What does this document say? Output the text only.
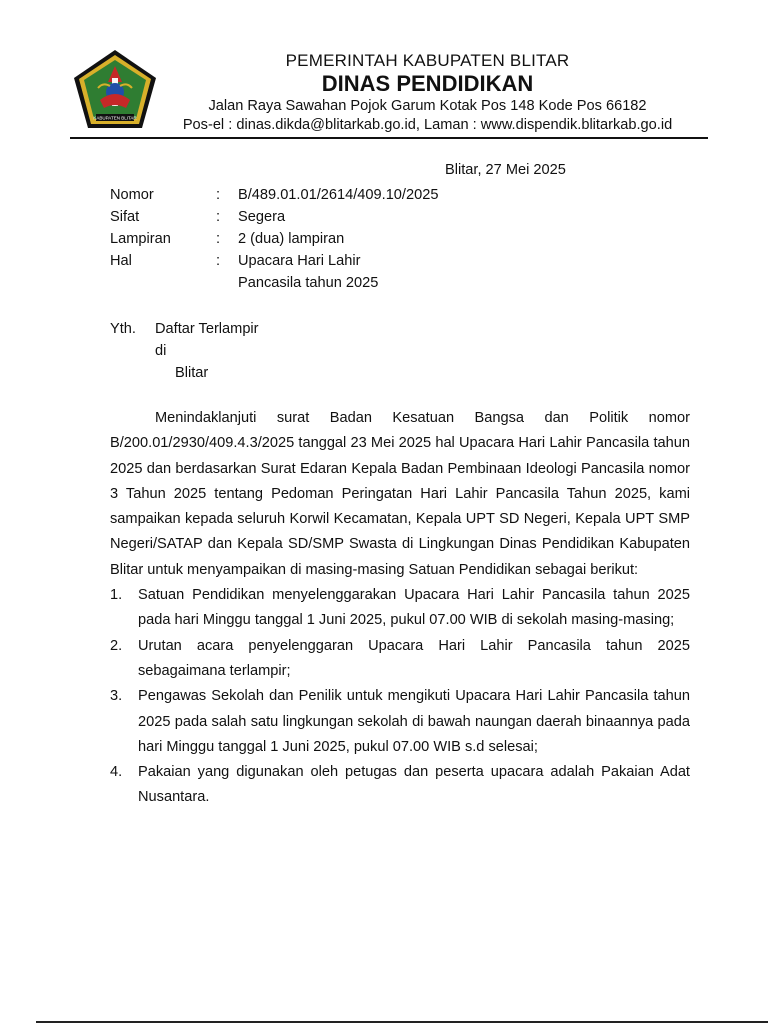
KABUPATEN BLITAR
PEMERINTAH KABUPATEN BLITAR
DINAS PENDIDIKAN
Jalan Raya Sawahan Pojok Garum Kotak Pos 148 Kode Pos 66182
Pos-el : dinas.dikda@blitarkab.go.id, Laman : www.dispendik.blitarkab.go.id
Blitar, 27 Mei 2025
Nomor	: B/489.01.01/2614/409.10/2025
Sifat	: Segera
Lampiran	: 2 (dua) lampiran
Hal	: Upacara Hari Lahir
Pancasila tahun 2025
Yth. Daftar Terlampir
di
Blitar

Menindaklanjuti surat Badan Kesatuan Bangsa dan Politik nomor B/200.01/2930/409.4.3/2025 tanggal 23 Mei 2025 hal Upacara Hari Lahir Pancasila tahun 2025 dan berdasarkan Surat Edaran Kepala Badan Pembinaan Ideologi Pancasila nomor 3 Tahun 2025 tentang Pedoman Peringatan Hari Lahir Pancasila Tahun 2025, kami sampaikan kepada seluruh Korwil Kecamatan, Kepala UPT SD Negeri, Kepala UPT SMP Negeri/SATAP dan Kepala SD/SMP Swasta di Lingkungan Dinas Pendidikan Kabupaten Blitar untuk menyampaikan di masing-masing Satuan Pendidikan sebagai berikut:

1. Satuan Pendidikan menyelenggarakan Upacara Hari Lahir Pancasila tahun 2025 pada hari Minggu tanggal 1 Juni 2025, pukul 07.00 WIB di sekolah masing-masing;
2. Urutan acara penyelenggaran Upacara Hari Lahir Pancasila tahun 2025 sebagaimana terlampir;
3. Pengawas Sekolah dan Penilik untuk mengikuti Upacara Hari Lahir Pancasila tahun 2025 pada salah satu lingkungan sekolah di bawah naungan daerah binaannya pada hari Minggu tanggal 1 Juni 2025, pukul 07.00 WIB s.d selesai;
4. Pakaian yang digunakan oleh petugas dan peserta upacara adalah Pakaian Adat Nusantara.
